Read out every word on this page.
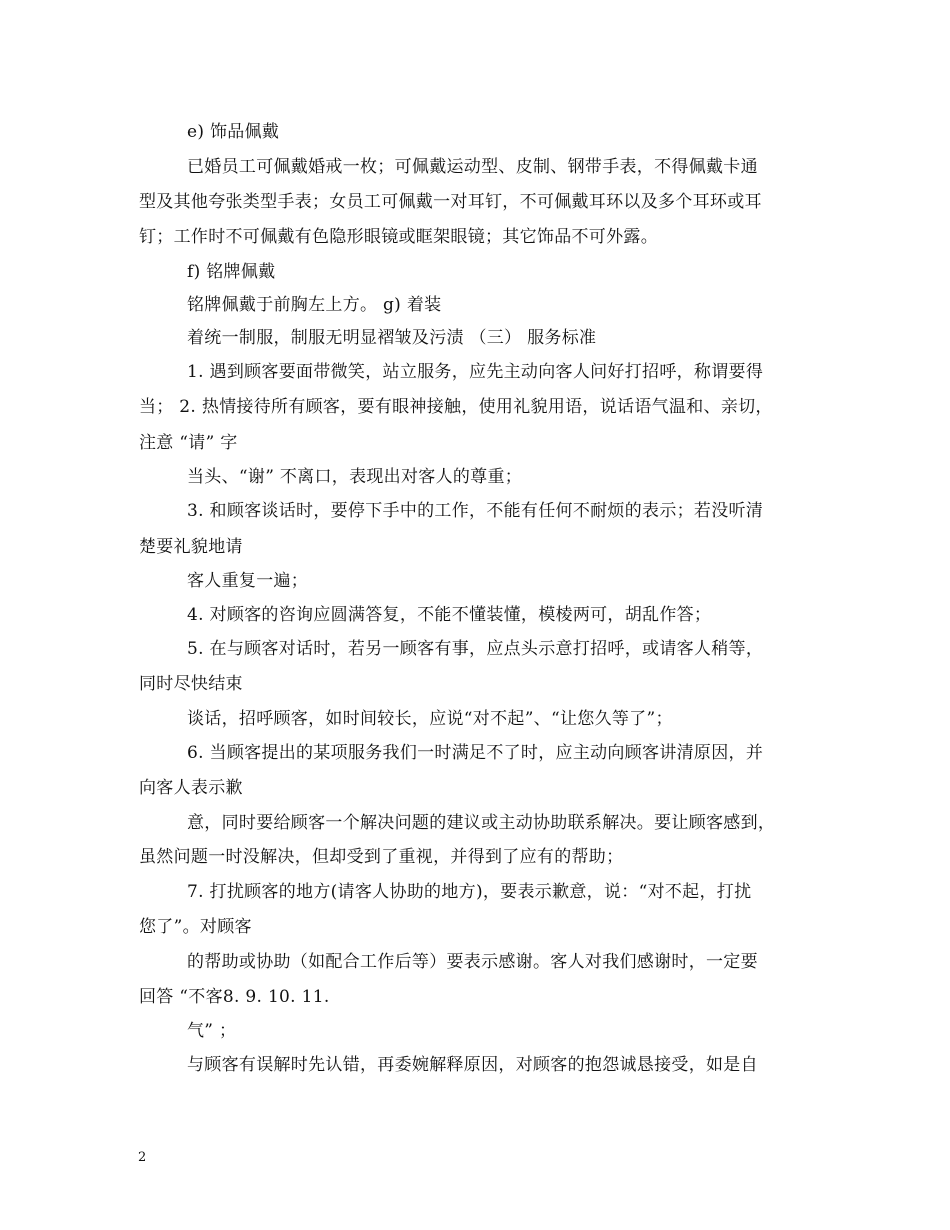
e) 饰品佩戴
已婚员工可佩戴婚戒一枚；可佩戴运动型、皮制、钢带手表，不得佩戴卡通
型及其他夸张类型手表；女员工可佩戴一对耳钉，不可佩戴耳环以及多个耳环或耳
钉；工作时不可佩戴有色隐形眼镜或眶架眼镜；其它饰品不可外露。
f) 铭牌佩戴
铭牌佩戴于前胸左上方。 g) 着装
着统一制服，制服无明显褶皱及污渍 （三） 服务标准
1. 遇到顾客要面带微笑，站立服务，应先主动向客人问好打招呼，称谓要得
当； 2. 热情接待所有顾客，要有眼神接触，使用礼貌用语，说话语气温和、亲切，
注意 “请” 字
当头、“谢” 不离口，表现出对客人的尊重；
3. 和顾客谈话时，要停下手中的工作，不能有任何不耐烦的表示；若没听清
楚要礼貌地请
客人重复一遍；
4. 对顾客的咨询应圆满答复，不能不懂装懂，模棱两可，胡乱作答；
5. 在与顾客对话时，若另一顾客有事，应点头示意打招呼，或请客人稍等，
同时尽快结束
谈话，招呼顾客，如时间较长，应说“对不起”、“让您久等了”；
6. 当顾客提出的某项服务我们一时满足不了时，应主动向顾客讲清原因，并
向客人表示歉
意，同时要给顾客一个解决问题的建议或主动协助联系解决。要让顾客感到，
虽然问题一时没解决，但却受到了重视，并得到了应有的帮助；
7. 打扰顾客的地方(请客人协助的地方)，要表示歉意，说：“对不起，打扰
您了”。对顾客
的帮助或协助（如配合工作后等）要表示感谢。客人对我们感谢时，一定要
回答 “不客8. 9. 10. 11.
气” ；
与顾客有误解时先认错，再委婉解释原因，对顾客的抱怨诚恳接受，如是自
2
